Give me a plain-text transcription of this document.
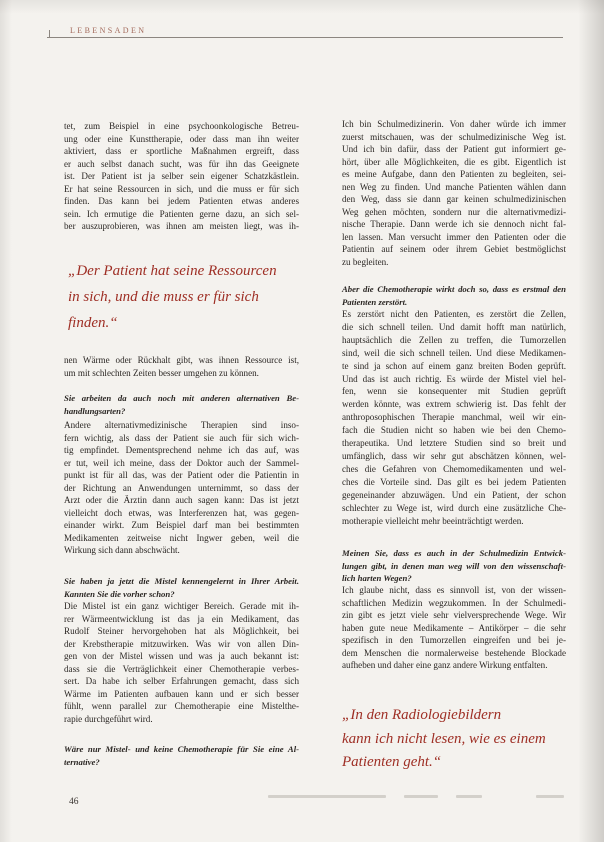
LEBENSADEN
tet, zum Beispiel in eine psychoonkologische Betreu-
ung oder eine Kunsttherapie, oder dass man ihn weiter
aktiviert, dass er sportliche Maßnahmen ergreift, dass
er auch selbst danach sucht, was für ihn das Geeignete
ist. Der Patient ist ja selber sein eigener Schatzkästlein.
Er hat seine Ressourcen in sich, und die muss er für sich
finden. Das kann bei jedem Patienten etwas anderes
sein. Ich ermutige die Patienten gerne dazu, an sich sel-
ber auszuprobieren, was ihnen am meisten liegt, was ih-
„Der Patient hat seine Ressourcen
in sich, und die muss er für sich
finden.“
nen Wärme oder Rückhalt gibt, was ihnen Ressource ist,
um mit schlechten Zeiten besser umgehen zu können.
Sie arbeiten da auch noch mit anderen alternativen Be-
handlungsarten?
Andere alternativmedizinische Therapien sind inso-
fern wichtig, als dass der Patient sie auch für sich wich-
tig empfindet. Dementsprechend nehme ich das auf, was
er tut, weil ich meine, dass der Doktor auch der Sammel-
punkt ist für all das, was der Patient oder die Patientin in
der Richtung an Anwendungen unternimmt, so dass der
Arzt oder die Ärztin dann auch sagen kann: Das ist jetzt
vielleicht doch etwas, was Interferenzen hat, was gegen-
einander wirkt. Zum Beispiel darf man bei bestimmten
Medikamenten zeitweise nicht Ingwer geben, weil die
Wirkung sich dann abschwächt.
Sie haben ja jetzt die Mistel kennengelernt in Ihrer Arbeit.
Kannten Sie die vorher schon?
Die Mistel ist ein ganz wichtiger Bereich. Gerade mit ih-
rer Wärmeentwicklung ist das ja ein Medikament, das
Rudolf Steiner hervorgehoben hat als Möglichkeit, bei
der Krebstherapie mitzuwirken. Was wir von allen Din-
gen von der Mistel wissen und was ja auch bekannt ist:
dass sie die Verträglichkeit einer Chemotherapie verbes-
sert. Da habe ich selber Erfahrungen gemacht, dass sich
Wärme im Patienten aufbauen kann und er sich besser
fühlt, wenn parallel zur Chemotherapie eine Mistelthe-
rapie durchgeführt wird.
Wäre nur Mistel- und keine Chemotherapie für Sie eine Al-
ternative?
Ich bin Schulmedizinerin. Von daher würde ich immer
zuerst mitschauen, was der schulmedizinische Weg ist.
Und ich bin dafür, dass der Patient gut informiert ge-
hört, über alle Möglichkeiten, die es gibt. Eigentlich ist
es meine Aufgabe, dann den Patienten zu begleiten, sei-
nen Weg zu finden. Und manche Patienten wählen dann
den Weg, dass sie dann gar keinen schulmedizinischen
Weg gehen möchten, sondern nur die alternativmedizi-
nische Therapie. Dann werde ich sie dennoch nicht fal-
len lassen. Man versucht immer den Patienten oder die
Patientin auf seinem oder ihrem Gebiet bestmöglichst
zu begleiten.
Aber die Chemotherapie wirkt doch so, dass es erstmal den
Patienten zerstört.
Es zerstört nicht den Patienten, es zerstört die Zellen,
die sich schnell teilen. Und damit hofft man natürlich,
hauptsächlich die Zellen zu treffen, die Tumorzellen
sind, weil die sich schnell teilen. Und diese Medikamen-
te sind ja schon auf einem ganz breiten Boden geprüft.
Und das ist auch richtig. Es würde der Mistel viel hel-
fen, wenn sie konsequenter mit Studien geprüft
werden könnte, was extrem schwierig ist. Das fehlt der
anthroposophischen Therapie manchmal, weil wir ein-
fach die Studien nicht so haben wie bei den Chemo-
therapeutika. Und letztere Studien sind so breit und
umfänglich, dass wir sehr gut abschätzen können, wel-
ches die Gefahren von Chemomedikamenten und wel-
ches die Vorteile sind. Das gilt es bei jedem Patienten
gegeneinander abzuwägen. Und ein Patient, der schon
schlechter zu Wege ist, wird durch eine zusätzliche Che-
motherapie vielleicht mehr beeinträchtigt werden.
Meinen Sie, dass es auch in der Schulmedizin Entwick-
lungen gibt, in denen man weg will von den wissenschaft-
lich harten Wegen?
Ich glaube nicht, dass es sinnvoll ist, von der wissen-
schaftlichen Medizin wegzukommen. In der Schulmedi-
zin gibt es jetzt viele sehr vielversprechende Wege. Wir
haben gute neue Medikamente – Antikörper – die sehr
spezifisch in den Tumorzellen eingreifen und bei je-
dem Menschen die normalerweise bestehende Blockade
aufheben und daher eine ganz andere Wirkung entfalten.
„In den Radiologiebildern
kann ich nicht lesen, wie es einem
Patienten geht.“
46
